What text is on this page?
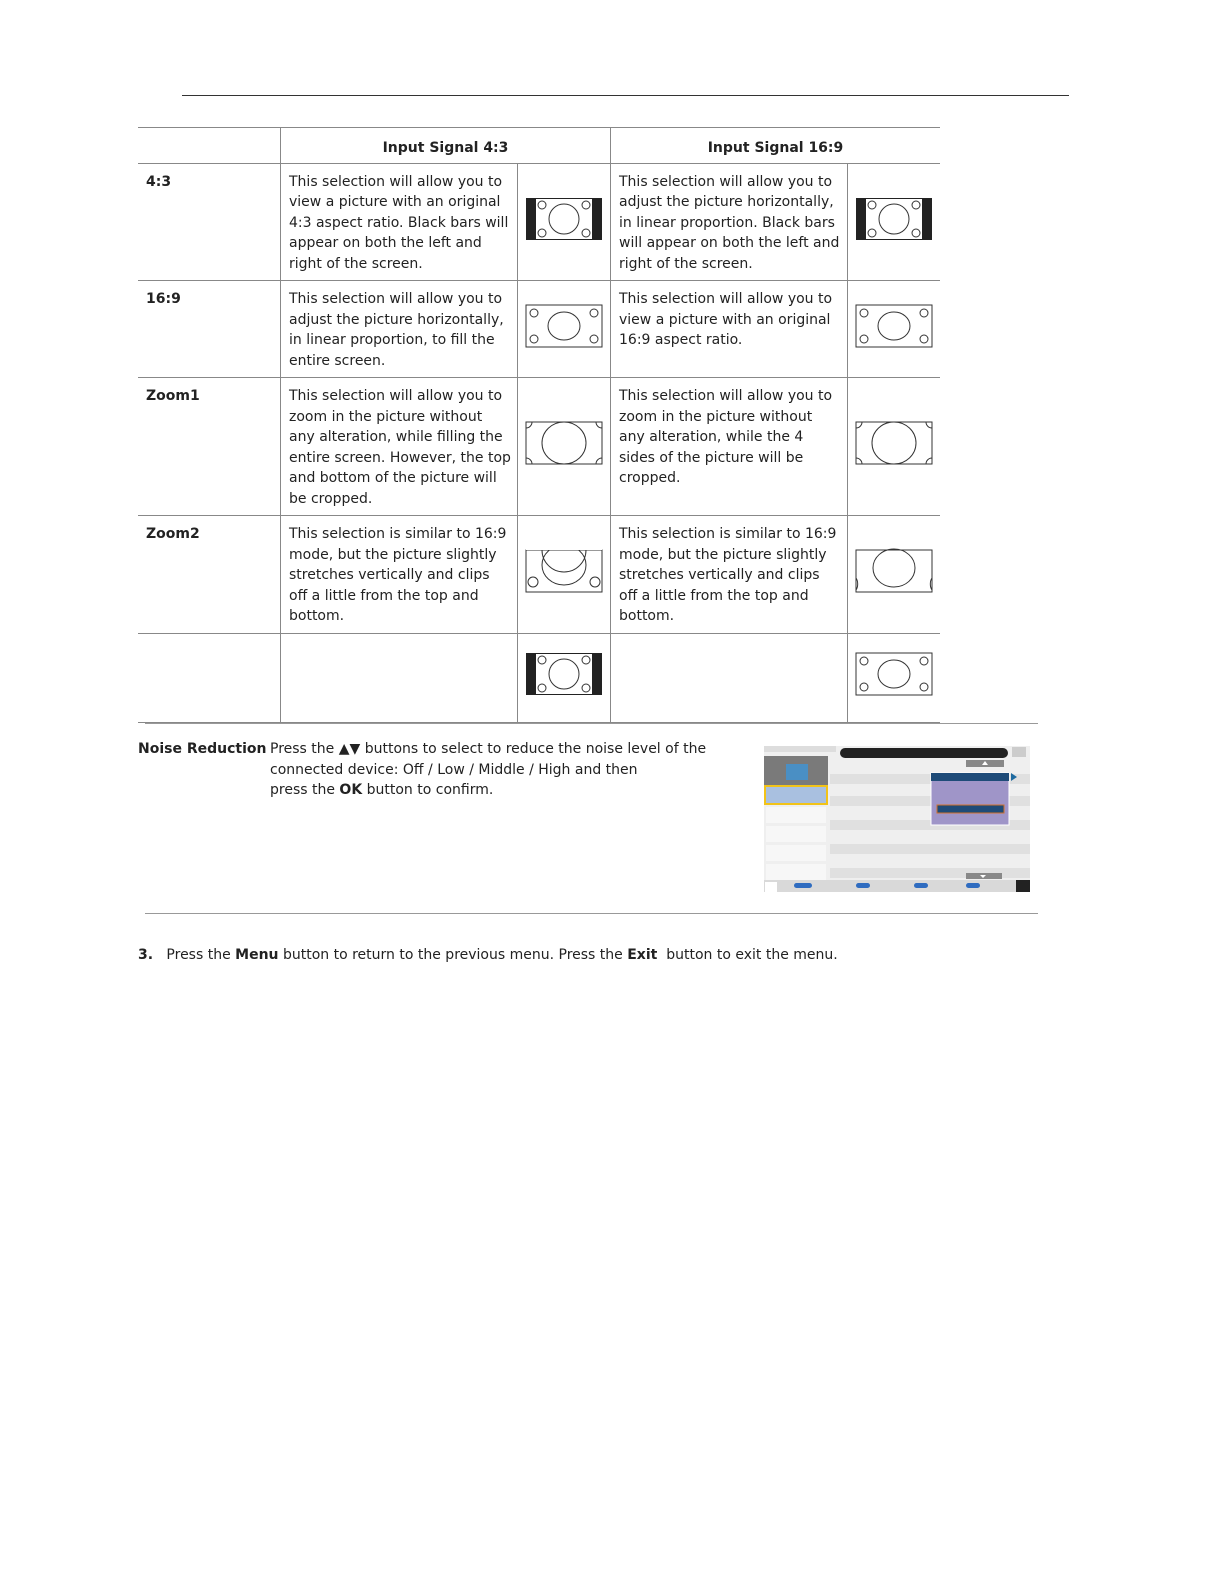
	Input Signal 4:3		Input Signal 16:9	
4:3	This selection will allow you to view a picture with an original 4:3 aspect ratio. Black bars will appear on both the left and right of the screen.		This selection will allow you to adjust the picture horizontally, in linear proportion. Black bars will appear on both the left and right of the screen.	
16:9	This selection will allow you to adjust the picture horizontally, in linear proportion, to fill the entire screen.		This selection will allow you to view a picture with an original 16:9 aspect ratio.	
Zoom1	This selection will allow you to zoom in the picture without any alteration, while filling the entire screen. However, the top and bottom of the picture will be cropped.		This selection will allow you to zoom in the picture without any alteration, while the 4 sides of the picture will be cropped.	
Zoom2	This selection is similar to 16:9 mode, but the picture slightly stretches vertically and clips off a little from the top and bottom.		This selection is similar to 16:9 mode, but the picture slightly stretches vertically and clips off a little from the top and bottom.	

Noise Reduction Press the ▲▼ buttons to select to reduce the noise level of the
connected device: Off / Low / Middle / High and then
press the OK button to confirm.
3. Press the Menu button to return to the previous menu. Press the Exit  button to exit the menu.
